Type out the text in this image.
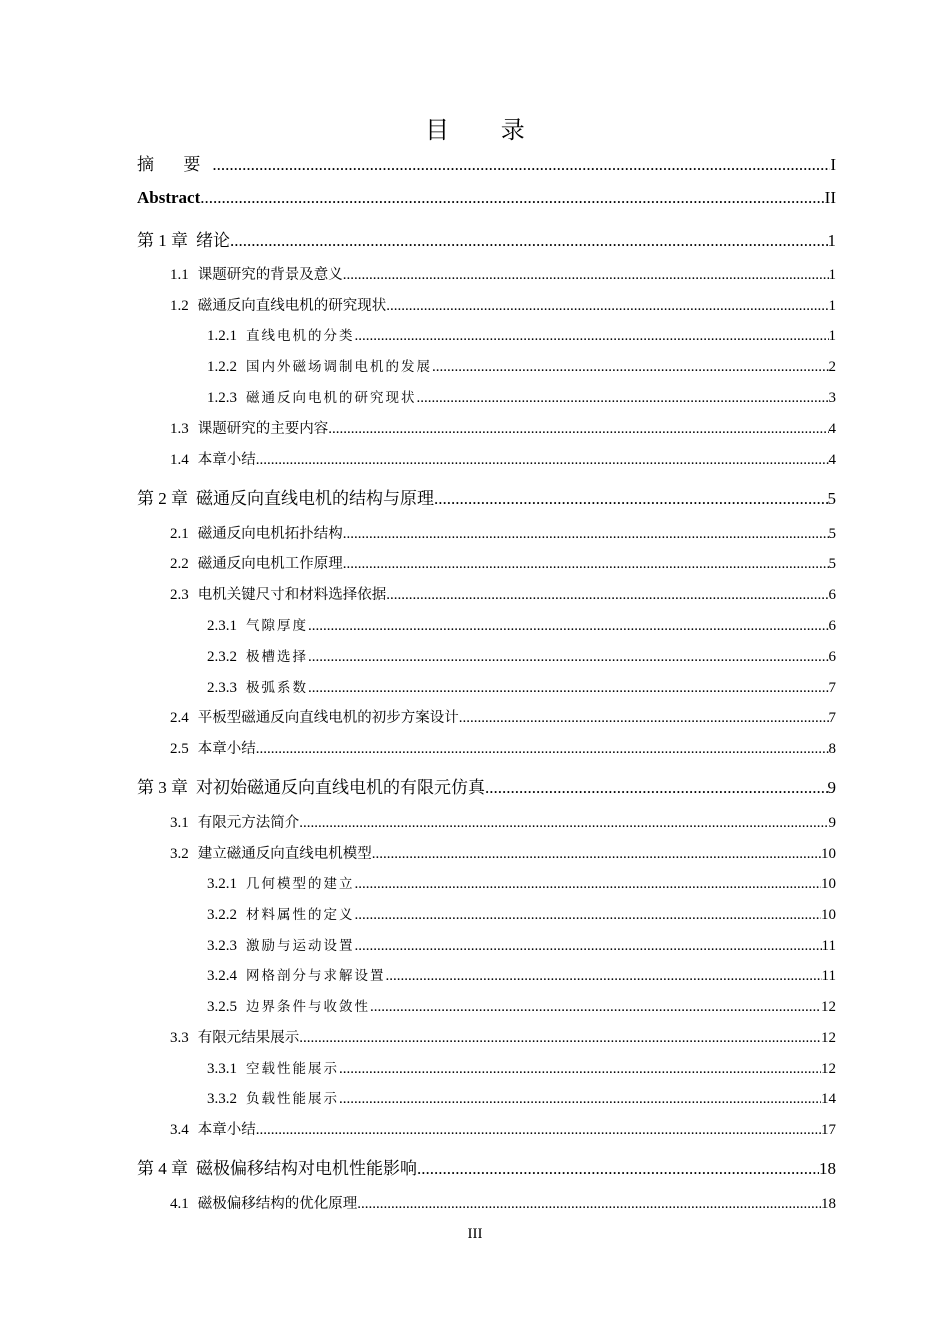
目 录
摘 要 .....	I
Abstract .....	II
第 1 章 绪论 .....	1
1.1 课题研究的背景及意义 .....	1
1.2 磁通反向直线电机的研究现状 .....	1
1.2.1 直线电机的分类 .....	1
1.2.2 国内外磁场调制电机的发展 .....	2
1.2.3 磁通反向电机的研究现状 .....	3
1.3 课题研究的主要内容 .....	4
1.4 本章小结 .....	4
第 2 章 磁通反向直线电机的结构与原理 .....	5
2.1 磁通反向电机拓扑结构 .....	5
2.2 磁通反向电机工作原理 .....	5
2.3 电机关键尺寸和材料选择依据 .....	6
2.3.1 气隙厚度 .....	6
2.3.2 极槽选择 .....	6
2.3.3 极弧系数 .....	7
2.4 平板型磁通反向直线电机的初步方案设计 .....	7
2.5 本章小结 .....	8
第 3 章 对初始磁通反向直线电机的有限元仿真 .....	9
3.1 有限元方法简介 .....	9
3.2 建立磁通反向直线电机模型 .....	10
3.2.1 几何模型的建立 .....	10
3.2.2 材料属性的定义 .....	10
3.2.3 激励与运动设置 .....	11
3.2.4 网格剖分与求解设置 .....	11
3.2.5 边界条件与收敛性 .....	12
3.3 有限元结果展示 .....	12
3.3.1 空载性能展示 .....	12
3.3.2 负载性能展示 .....	14
3.4 本章小结 .....	17
第 4 章 磁极偏移结构对电机性能影响 .....	18
4.1 磁极偏移结构的优化原理 .....	18
III
